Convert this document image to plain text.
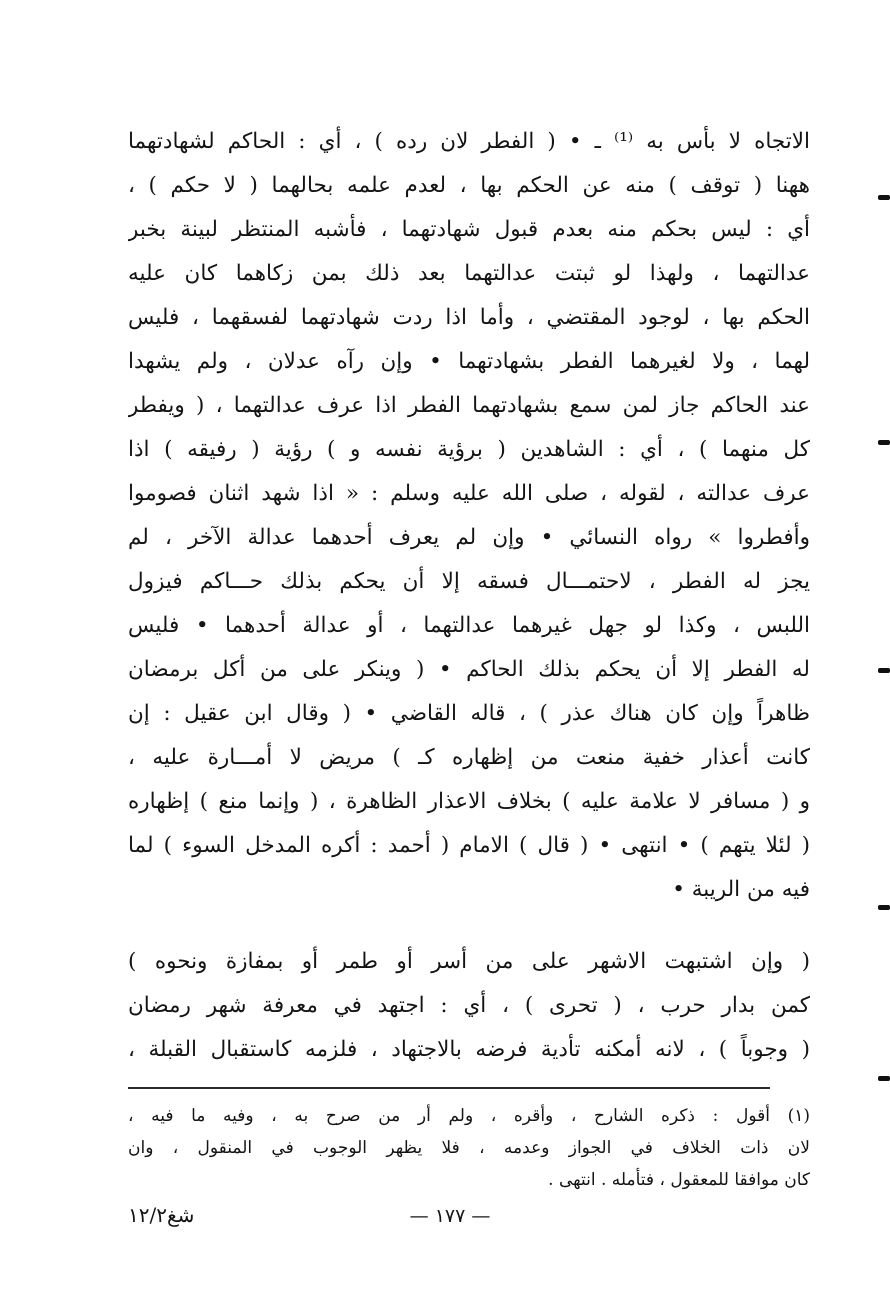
الاتجاه لا بأس به ⁽¹⁾ ـ • ( الفطر لان رده ) ، أي : الحاكم لشهادتهما
ههنا ( توقف ) منه عن الحكم بها ، لعدم علمه بحالهما ( لا حكم ) ،
أي : ليس بحكم منه بعدم قبول شهادتهما ، فأشبه المنتظر لبينة بخبر
عدالتهما ، ولهذا لو ثبتت عدالتهما بعد ذلك بمن زكاهما كان عليه
الحكم بها ، لوجود المقتضي ، وأما اذا ردت شهادتهما لفسقهما ، فليس
لهما ، ولا لغيرهما الفطر بشهادتهما • وإن رآه عدلان ، ولم يشهدا
عند الحاكم جاز لمن سمع بشهادتهما الفطر اذا عرف عدالتهما ، ( ويفطر
كل منهما ) ، أي : الشاهدين ( برؤية نفسه و ) رؤية ( رفيقه ) اذا
عرف عدالته ، لقوله ، صلى الله عليه وسلم : « اذا شهد اثنان فصوموا
وأفطروا » رواه النسائي • وإن لم يعرف أحدهما عدالة الآخر ، لم
يجز له الفطر ، لاحتمـــال فسقه إلا أن يحكم بذلك حـــاكم فيزول
اللبس ، وكذا لو جهل غيرهما عدالتهما ، أو عدالة أحدهما • فليس
له الفطر إلا أن يحكم بذلك الحاكم • ( وينكر على من أكل برمضان
ظاهراً وإن كان هناك عذر ) ، قاله القاضي • ( وقال ابن عقيل : إن
كانت أعذار خفية منعت من إظهاره كـ ) مريض لا أمـــارة عليه ،
و ( مسافر لا علامة عليه ) بخلاف الاعذار الظاهرة ، ( وإنما منع ) إظهاره
( لئلا يتهم ) • انتهى • ( قال ) الامام ( أحمد : أكره المدخل السوء ) لما
فيه من الريبة •
( وإن اشتبهت الاشهر على من أسر أو طمر أو بمفازة ونحوه )
كمن بدار حرب ، ( تحرى ) ، أي : اجتهد في معرفة شهر رمضان
( وجوباً ) ، لانه أمكنه تأدية فرضه بالاجتهاد ، فلزمه كاستقبال القبلة ،
(١) أقول : ذكره الشارح ، وأقره ، ولم أر من صرح به ، وفيه ما فيه ،
لان ذات الخلاف في الجواز وعدمه ، فلا يظهر الوجوب في المنقول ، وان
كان موافقا للمعقول ، فتأمله . انتهى .
— ١٧٧ —
شغ١٢/٢
